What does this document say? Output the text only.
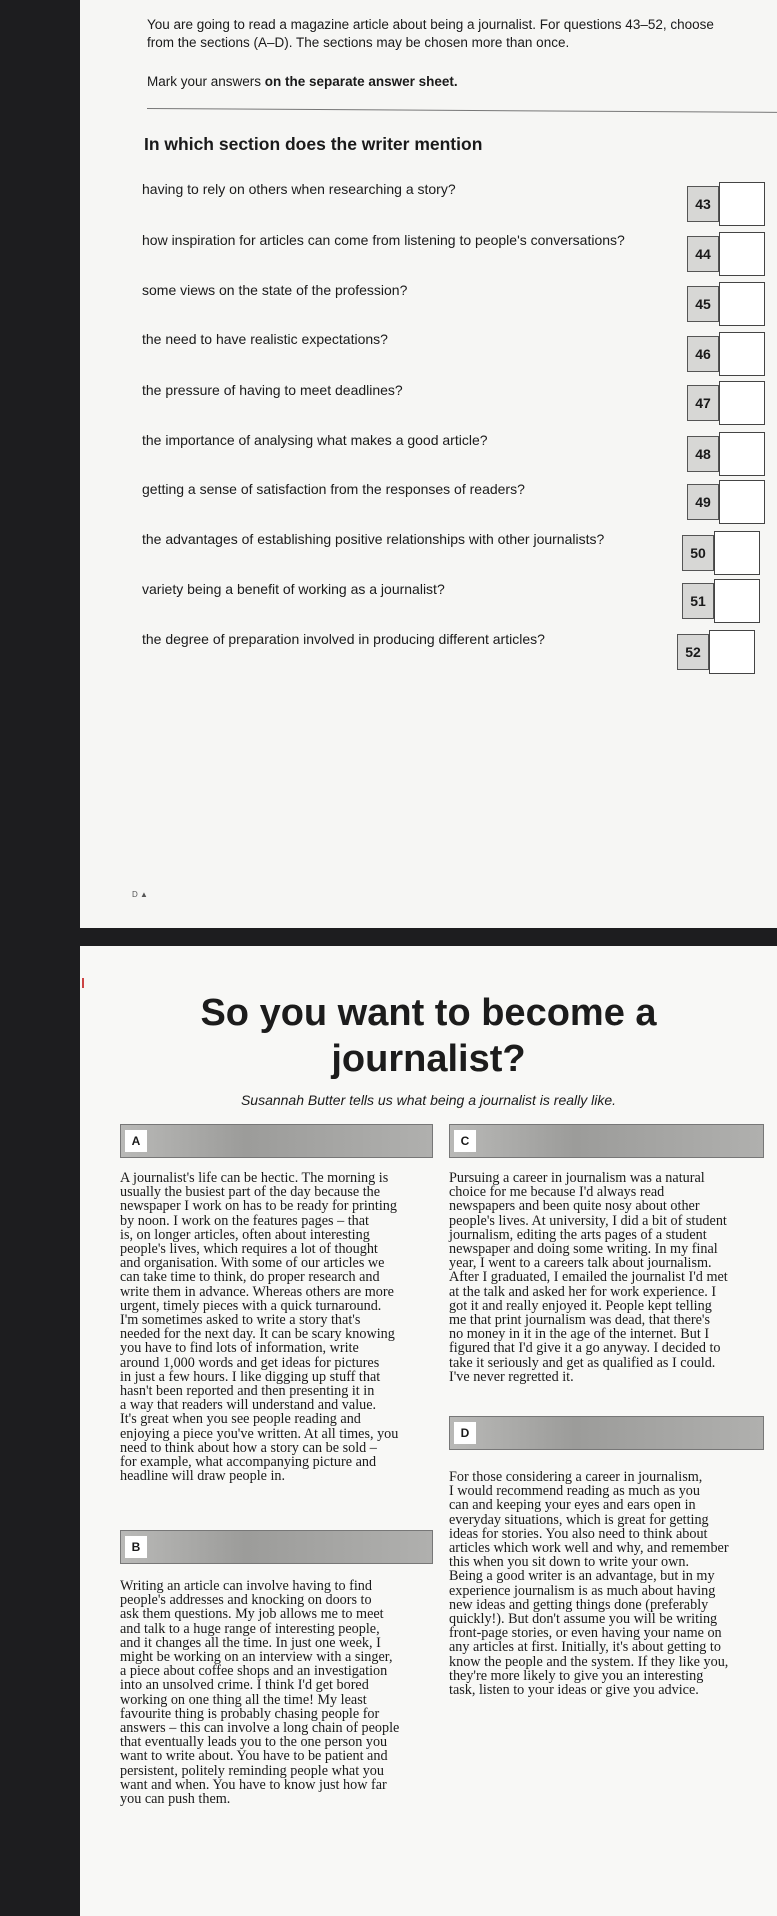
You are going to read a magazine article about being a journalist. For questions 43–52, choose
from the sections (A–D). The sections may be chosen more than once.
Mark your answers on the separate answer sheet.
In which section does the writer mention
having to rely on others when researching a story?
43
how inspiration for articles can come from listening to people's conversations?
44
some views on the state of the profession?
45
the need to have realistic expectations?
46
the pressure of having to meet deadlines?
47
the importance of analysing what makes a good article?
48
getting a sense of satisfaction from the responses of readers?
49
the advantages of establishing positive relationships with other journalists?
50
variety being a benefit of working as a journalist?
51
the degree of preparation involved in producing different articles?
52
D ▲
So you want to become a
journalist?
Susannah Butter tells us what being a journalist is really like.
A
A journalist's life can be hectic. The morning is
usually the busiest part of the day because the
newspaper I work on has to be ready for printing
by noon. I work on the features pages – that
is, on longer articles, often about interesting
people's lives, which requires a lot of thought
and organisation. With some of our articles we
can take time to think, do proper research and
write them in advance. Whereas others are more
urgent, timely pieces with a quick turnaround.
I'm sometimes asked to write a story that's
needed for the next day. It can be scary knowing
you have to find lots of information, write
around 1,000 words and get ideas for pictures
in just a few hours. I like digging up stuff that
hasn't been reported and then presenting it in
a way that readers will understand and value.
It's great when you see people reading and
enjoying a piece you've written. At all times, you
need to think about how a story can be sold –
for example, what accompanying picture and
headline will draw people in.
B
Writing an article can involve having to find
people's addresses and knocking on doors to
ask them questions. My job allows me to meet
and talk to a huge range of interesting people,
and it changes all the time. In just one week, I
might be working on an interview with a singer,
a piece about coffee shops and an investigation
into an unsolved crime. I think I'd get bored
working on one thing all the time! My least
favourite thing is probably chasing people for
answers – this can involve a long chain of people
that eventually leads you to the one person you
want to write about. You have to be patient and
persistent, politely reminding people what you
want and when. You have to know just how far
you can push them.
C
Pursuing a career in journalism was a natural
choice for me because I'd always read
newspapers and been quite nosy about other
people's lives. At university, I did a bit of student
journalism, editing the arts pages of a student
newspaper and doing some writing. In my final
year, I went to a careers talk about journalism.
After I graduated, I emailed the journalist I'd met
at the talk and asked her for work experience. I
got it and really enjoyed it. People kept telling
me that print journalism was dead, that there's
no money in it in the age of the internet. But I
figured that I'd give it a go anyway. I decided to
take it seriously and get as qualified as I could.
I've never regretted it.
D
For those considering a career in journalism,
I would recommend reading as much as you
can and keeping your eyes and ears open in
everyday situations, which is great for getting
ideas for stories. You also need to think about
articles which work well and why, and remember
this when you sit down to write your own.
Being a good writer is an advantage, but in my
experience journalism is as much about having
new ideas and getting things done (preferably
quickly!). But don't assume you will be writing
front-page stories, or even having your name on
any articles at first. Initially, it's about getting to
know the people and the system. If they like you,
they're more likely to give you an interesting
task, listen to your ideas or give you advice.
